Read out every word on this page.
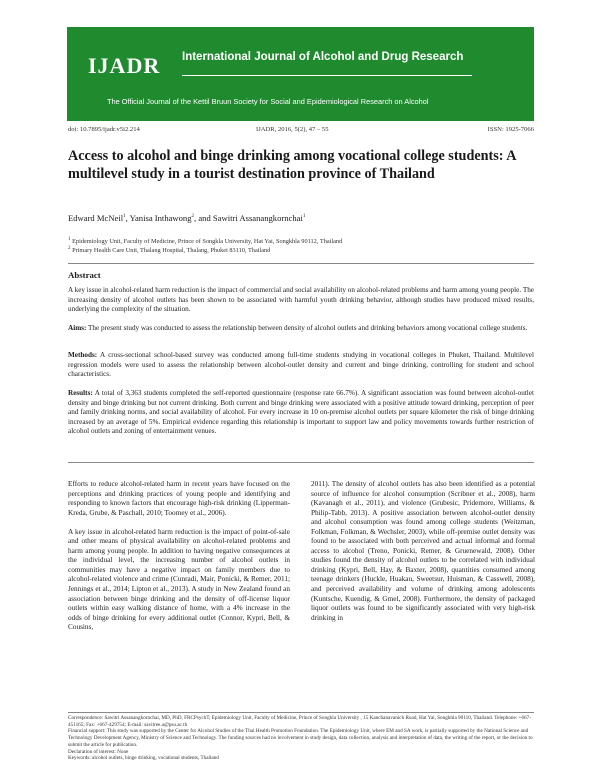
IJADR International Journal of Alcohol and Drug Research
The Official Journal of the Kettil Bruun Society for Social and Epidemiological Research on Alcohol
doi: 10.7895/ijadr.v5i2.214	IJADR, 2016, 5(2), 47 – 55	ISSN: 1925-7066
Access to alcohol and binge drinking among vocational college students: A multilevel study in a tourist destination province of Thailand
Edward McNeil$^1$, Yanisa Inthawong$^2$, and Sawitri Assanangkornchai$^1$
$^1$ Epidemiology Unit, Faculty of Medicine, Prince of Songkla University, Hat Yai, Songkhla 90112, Thailand
$^2$ Primary Health Care Unit, Thalang Hospital, Thalang, Phuket 83110, Thailand
Abstract
A key issue in alcohol-related harm reduction is the impact of commercial and social availability on alcohol-related problems and harm among young people. The increasing density of alcohol outlets has been shown to be associated with harmful youth drinking behavior, although studies have produced mixed results, underlying the complexity of the situation.
Aims: The present study was conducted to assess the relationship between density of alcohol outlets and drinking behaviors among vocational college students.
Methods: A cross-sectional school-based survey was conducted among full-time students studying in vocational colleges in Phuket, Thailand. Multilevel regression models were used to assess the relationship between alcohol-outlet density and current and binge drinking, controlling for student and school characteristics.
Results: A total of 3,363 students completed the self-reported questionnaire (response rate 66.7%). A significant association was found between alcohol-outlet density and binge drinking but not current drinking. Both current and binge drinking were associated with a positive attitude toward drinking, perception of peer and family drinking norms, and social availability of alcohol. For every increase in 10 on-premise alcohol outlets per square kilometer the risk of binge drinking increased by an average of 5%. Empirical evidence regarding this relationship is important to support law and policy movements towards further restriction of alcohol outlets and zoning of entertainment venues.

Efforts to reduce alcohol-related harm in recent years have focused on the perceptions and drinking practices of young people and identifying and responding to known factors that encourage high-risk drinking (Lipperman-Kreda, Grube, & Paschall, 2010; Toomey et al., 2006).

A key issue in alcohol-related harm reduction is the impact of point-of-sale and other means of physical availability on alcohol-related problems and harm among young people. In addition to having negative consequences at the individual level, the increasing number of alcohol outlets in communities may have a negative impact on family members due to alcohol-related violence and crime (Cunradi, Mair, Ponicki, & Remer, 2011; Jennings et al., 2014; Lipton et al., 2013). A study in New Zealand found an association between binge drinking and the density of off-license liquor outlets within easy walking distance of home, with a 4% increase in the odds of binge drinking for every additional outlet (Connor, Kypri, Bell, & Cousins,

2011). The density of alcohol outlets has also been identified as a potential source of influence for alcohol consumption (Scribner et al., 2008), harm (Kavanagh et al., 2011), and violence (Grubesic, Pridemore, Williams, & Philip-Tabb, 2013). A positive association between alcohol-outlet density and alcohol consumption was found among college students (Weitzman, Folkman, Folkman, & Wechsler, 2003), while off-premise outlet density was found to be associated with both perceived and actual informal and formal access to alcohol (Treno, Ponicki, Remer, & Gruenewald, 2008). Other studies found the density of alcohol outlets to be correlated with individual drinking (Kypri, Bell, Hay, & Baxter, 2008), quantities consumed among teenage drinkers (Huckle, Huakau, Sweetsur, Huisman, & Casswell, 2008), and perceived availability and volume of drinking among adolescents (Kuntsche, Kuendig, & Gmel, 2008). Furthermore, the density of packaged liquor outlets was found to be significantly associated with very high-risk drinking in

Correspondence: Sawitri Assanangkornchai, MD, PhD, FRCPsychT, Epidemiology Unit, Faculty of Medicine, Prince of Songkla University , 15 Kanchanavanich Road, Hat Yai, Songkhla 90110, Thailand. Telephone: +667-451165; Fax: +667-429754; E-mail: savitree.a@psu.ac.th
Financial support: This study was supported by the Center for Alcohol Studies of the Thai Health Promotion Foundation. The Epidemiology Unit, where EM and SA work, is partially supported by the National Science and Technology Development Agency, Ministry of Science and Technology. The funding sources had no involvement in study design, data collection, analysis and interpretation of data, the writing of the report, or the decision to submit the article for publication.
Declaration of interest: None
Keywords: alcohol outlets, binge drinking, vocational students, Thailand
